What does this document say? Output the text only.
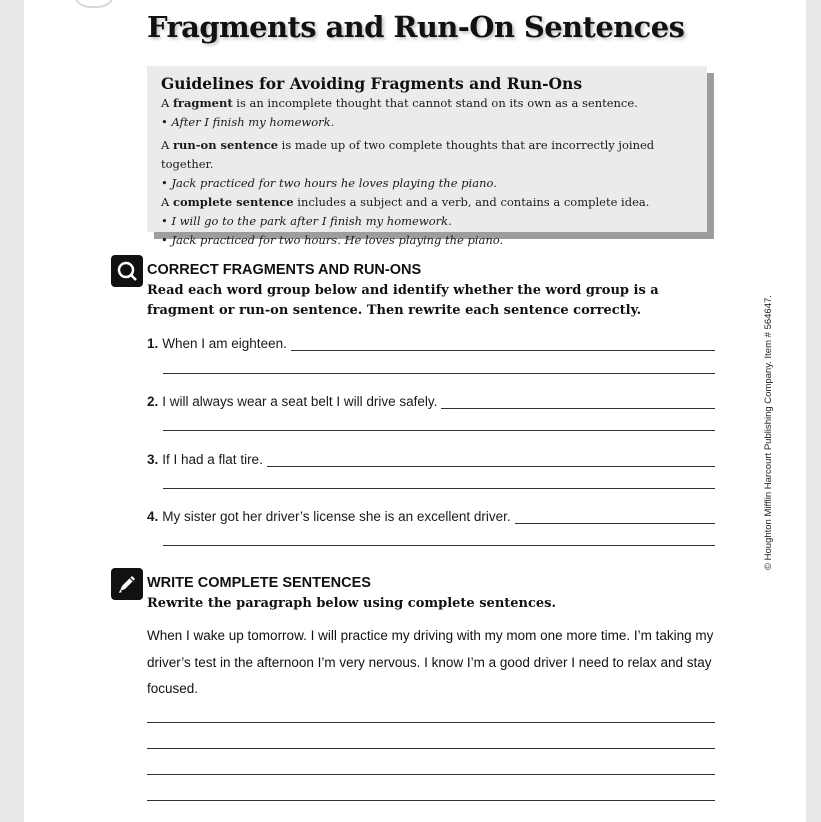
Fragments and Run-On Sentences
Guidelines for Avoiding Fragments and Run-Ons

A fragment is an incomplete thought that cannot stand on its own as a sentence.

• After I finish my homework.

A run-on sentence is made up of two complete thoughts that are incorrectly joined together.

• Jack practiced for two hours he loves playing the piano.

A complete sentence includes a subject and a verb, and contains a complete idea.

• I will go to the park after I finish my homework.

• Jack practiced for two hours. He loves playing the piano.

CORRECT FRAGMENTS AND RUN-ONS

Read each word group below and identify whether the word group is a fragment or run-on sentence. Then rewrite each sentence correctly.

1. When I am eighteen.
2. I will always wear a seat belt I will drive safely.
3. If I had a flat tire.
4. My sister got her driver’s license she is an excellent driver.
WRITE COMPLETE SENTENCES

Rewrite the paragraph below using complete sentences.

When I wake up tomorrow. I will practice my driving with my mom one more time. I’m taking my driver’s test in the afternoon I’m very nervous. I know I’m a good driver I need to relax and stay focused.

© Houghton Mifflin Harcourt Publishing Company. Item # 564647.
